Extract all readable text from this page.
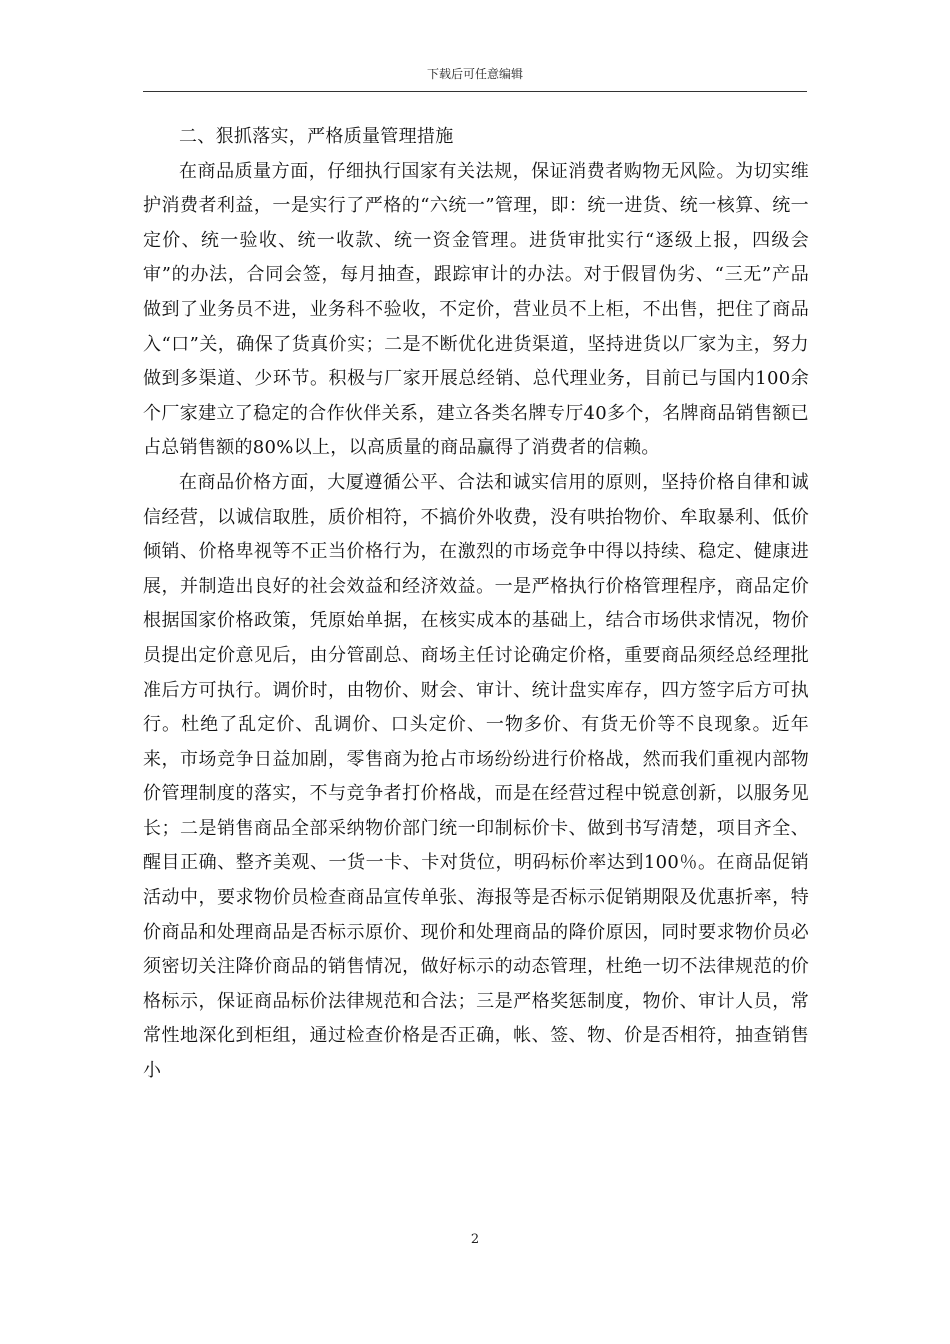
下载后可任意编辑

二、狠抓落实，严格质量管理措施

在商品质量方面，仔细执行国家有关法规，保证消费者购物无风险。为切实维护消费者利益，一是实行了严格的“六统一”管理，即：统一进货、统一核算、统一定价、统一验收、统一收款、统一资金管理。进货审批实行“逐级上报，四级会审”的办法，合同会签，每月抽查，跟踪审计的办法。对于假冒伪劣、“三无”产品做到了业务员不进，业务科不验收，不定价，营业员不上柜，不出售，把住了商品入“口”关，确保了货真价实；二是不断优化进货渠道，坚持进货以厂家为主，努力做到多渠道、少环节。积极与厂家开展总经销、总代理业务，目前已与国内100余个厂家建立了稳定的合作伙伴关系，建立各类名牌专厅40多个，名牌商品销售额已占总销售额的80%以上，以高质量的商品赢得了消费者的信赖。

在商品价格方面，大厦遵循公平、合法和诚实信用的原则，坚持价格自律和诚信经营，以诚信取胜，质价相符，不搞价外收费，没有哄抬物价、牟取暴利、低价倾销、价格卑视等不正当价格行为，在激烈的市场竞争中得以持续、稳定、健康进展，并制造出良好的社会效益和经济效益。一是严格执行价格管理程序，商品定价根据国家价格政策，凭原始单据，在核实成本的基础上，结合市场供求情况，物价员提出定价意见后，由分管副总、商场主任讨论确定价格，重要商品须经总经理批准后方可执行。调价时，由物价、财会、审计、统计盘实库存，四方签字后方可执行。杜绝了乱定价、乱调价、口头定价、一物多价、有货无价等不良现象。近年来，市场竞争日益加剧，零售商为抢占市场纷纷进行价格战，然而我们重视内部物价管理制度的落实，不与竞争者打价格战，而是在经营过程中锐意创新，以服务见长；二是销售商品全部采纳物价部门统一印制标价卡、做到书写清楚，项目齐全、醒目正确、整齐美观、一货一卡、卡对货位，明码标价率达到100％。在商品促销活动中，要求物价员检查商品宣传单张、海报等是否标示促销期限及优惠折率，特价商品和处理商品是否标示原价、现价和处理商品的降价原因，同时要求物价员必须密切关注降价商品的销售情况，做好标示的动态管理，杜绝一切不法律规范的价格标示，保证商品标价法律规范和合法；三是严格奖惩制度，物价、审计人员，常常性地深化到柜组，通过检查价格是否正确，帐、签、物、价是否相符，抽查销售小

2
